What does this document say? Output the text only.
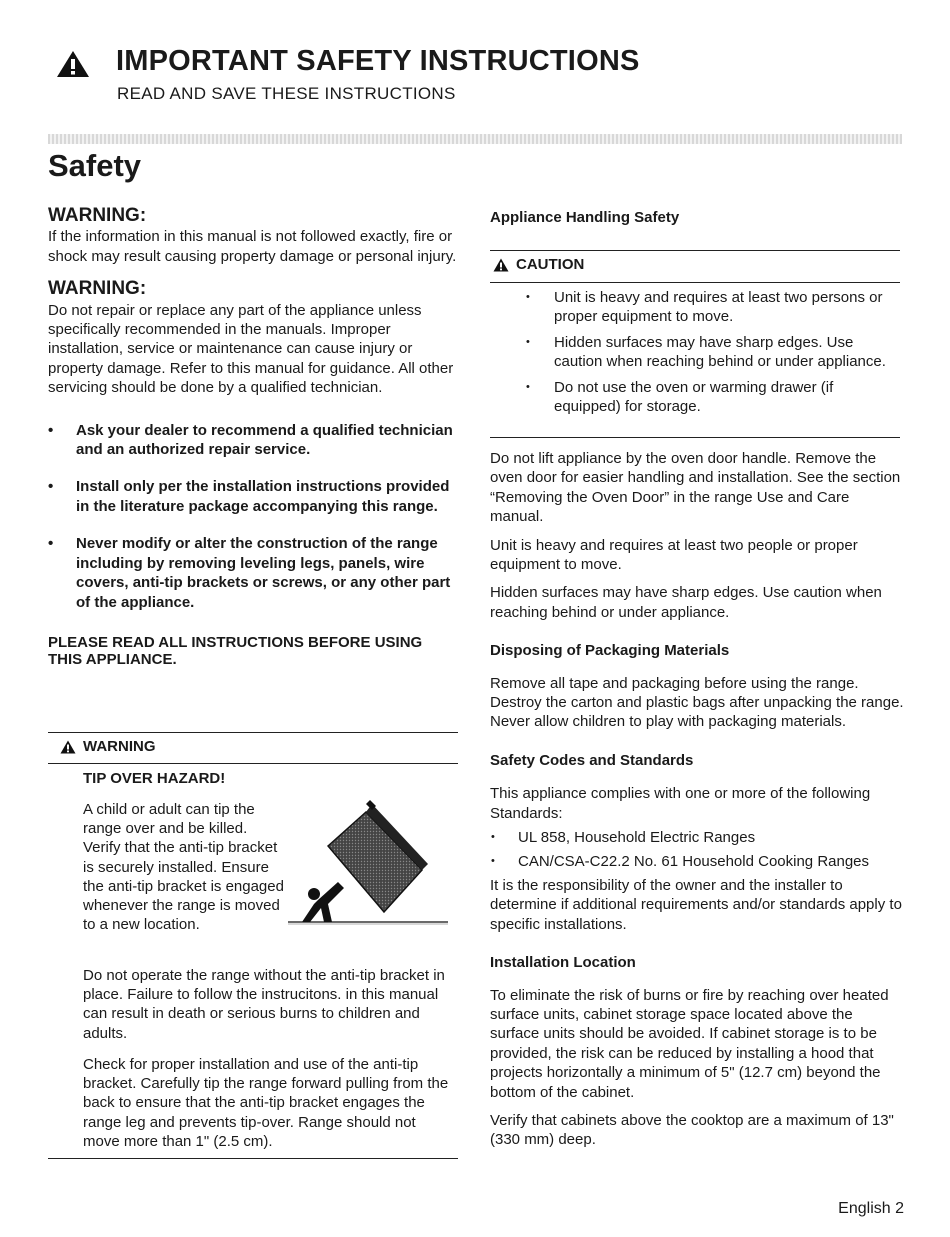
IMPORTANT SAFETY INSTRUCTIONS
READ AND SAVE THESE INSTRUCTIONS
Safety
WARNING:

If the information in this manual is not followed exactly, fire or shock may result causing property damage or personal injury.

WARNING:

Do not repair or replace any part of the appliance unless specifically recommended in the manuals. Improper installation, service or maintenance can cause injury or property damage. Refer to this manual for guidance. All other servicing should be done by a qualified technician.

• Ask your dealer to recommend a qualified technician and an authorized repair service.
• Install only per the installation instructions provided in the literature package accompanying this range.
• Never modify or alter the construction of the range including by removing leveling legs, panels, wire covers, anti-tip brackets or screws, or any other part of the appliance.

PLEASE READ ALL INSTRUCTIONS BEFORE USING THIS APPLIANCE.

WARNING
TIP OVER HAZARD!

A child or adult can tip the range over and be killed. Verify that the anti-tip bracket is securely installed. Ensure the anti-tip bracket is engaged whenever the range is moved to a new location.

Do not operate the range without the anti-tip bracket in place. Failure to follow the instrucitons. in this manual can result in death or serious burns to children and adults.

Check for proper installation and use of the anti-tip bracket. Carefully tip the range forward pulling from the back to ensure that the anti-tip bracket engages the range leg and prevents tip-over. Range should not move more than 1" (2.5 cm).

Appliance Handling Safety
CAUTION
• Unit is heavy and requires at least two persons or proper equipment to move.
• Hidden surfaces may have sharp edges. Use caution when reaching behind or under appliance.
• Do not use the oven or warming drawer (if equipped) for storage.

Do not lift appliance by the oven door handle. Remove the oven door for easier handling and installation. See the section “Removing the Oven Door” in the range Use and Care manual.

Unit is heavy and requires at least two people or proper equipment to move.

Hidden surfaces may have sharp edges. Use caution when reaching behind or under appliance.

Disposing of Packaging Materials

Remove all tape and packaging before using the range. Destroy the carton and plastic bags after unpacking the range. Never allow children to play with packaging materials.

Safety Codes and Standards

This appliance complies with one or more of the following Standards:

• UL 858, Household Electric Ranges
• CAN/CSA-C22.2 No. 61 Household Cooking Ranges

It is the responsibility of the owner and the installer to determine if additional requirements and/or standards apply to specific installations.

Installation Location

To eliminate the risk of burns or fire by reaching over heated surface units, cabinet storage space located above the surface units should be avoided. If cabinet storage is to be provided, the risk can be reduced by installing a hood that projects horizontally a minimum of 5" (12.7 cm) beyond the bottom of the cabinet.

Verify that cabinets above the cooktop are a maximum of 13" (330 mm) deep.

English 2
